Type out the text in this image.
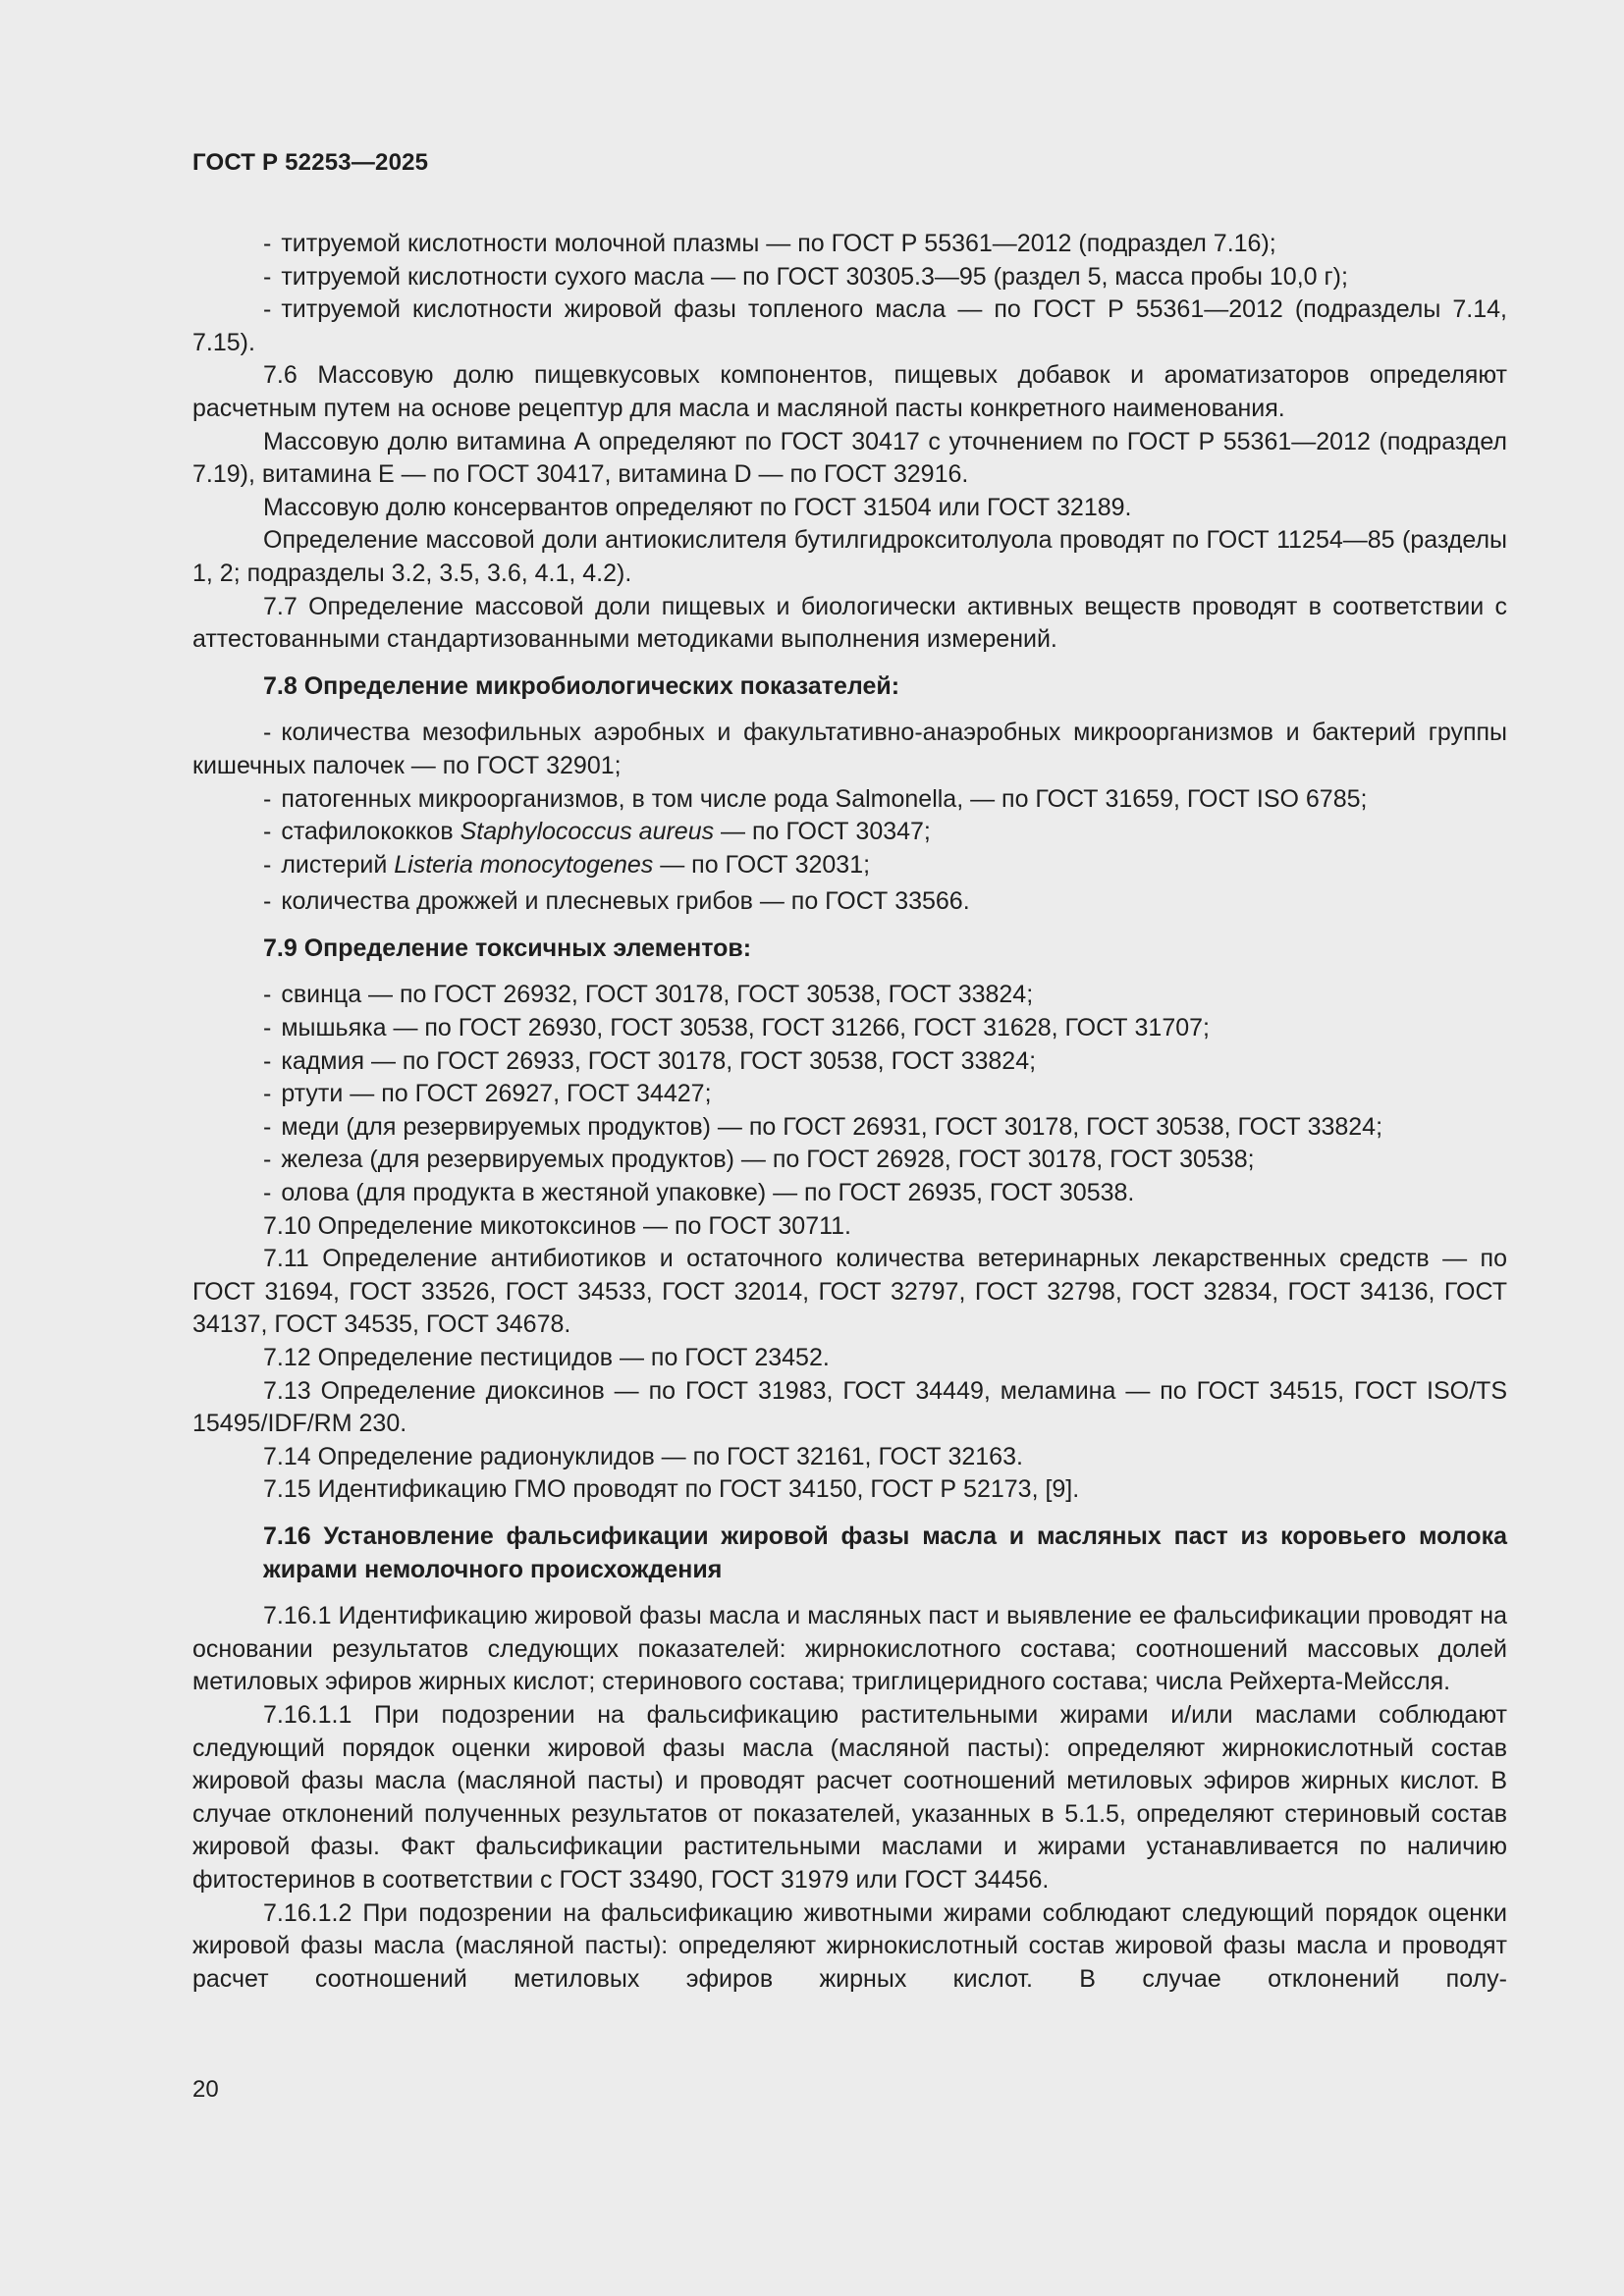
ГОСТ Р 52253—2025

- титруемой кислотности молочной плазмы — по ГОСТ Р 55361—2012 (подраздел 7.16);

- титруемой кислотности сухого масла — по ГОСТ 30305.3—95 (раздел 5, масса пробы 10,0 г);

- титруемой кислотности жировой фазы топленого масла — по ГОСТ Р 55361—2012 (подразделы 7.14, 7.15).

7.6 Массовую долю пищевкусовых компонентов, пищевых добавок и ароматизаторов определяют расчетным путем на основе рецептур для масла и масляной пасты конкретного наименования.

Массовую долю витамина А определяют по ГОСТ 30417 с уточнением по ГОСТ Р 55361—2012 (подраздел 7.19), витамина Е — по ГОСТ 30417, витамина D — по ГОСТ 32916.

Массовую долю консервантов определяют по ГОСТ 31504 или ГОСТ 32189.

Определение массовой доли антиокислителя бутилгидрокситолуола проводят по ГОСТ 11254—85 (разделы 1, 2; подразделы 3.2, 3.5, 3.6, 4.1, 4.2).

7.7 Определение массовой доли пищевых и биологически активных веществ проводят в соответствии с аттестованными стандартизованными методиками выполнения измерений.

7.8 Определение микробиологических показателей:

- количества мезофильных аэробных и факультативно-анаэробных микроорганизмов и бактерий группы кишечных палочек — по ГОСТ 32901;

- патогенных микроорганизмов, в том числе рода Salmonella, — по ГОСТ 31659, ГОСТ ISO 6785;

- стафилококков Staphylococcus aureus — по ГОСТ 30347;

- листерий Listeria monocytogenes — по ГОСТ 32031;

- количества дрожжей и плесневых грибов — по ГОСТ 33566.

7.9 Определение токсичных элементов:

- свинца — по ГОСТ 26932, ГОСТ 30178, ГОСТ 30538, ГОСТ 33824;

- мышьяка — по ГОСТ 26930, ГОСТ 30538, ГОСТ 31266, ГОСТ 31628, ГОСТ 31707;

- кадмия — по ГОСТ 26933, ГОСТ 30178, ГОСТ 30538, ГОСТ 33824;

- ртути — по ГОСТ 26927, ГОСТ 34427;

- меди (для резервируемых продуктов) — по ГОСТ 26931, ГОСТ 30178, ГОСТ 30538, ГОСТ 33824;

- железа (для резервируемых продуктов) — по ГОСТ 26928, ГОСТ 30178, ГОСТ 30538;

- олова (для продукта в жестяной упаковке) — по ГОСТ 26935, ГОСТ 30538.

7.10 Определение микотоксинов — по ГОСТ 30711.

7.11 Определение антибиотиков и остаточного количества ветеринарных лекарственных средств — по ГОСТ 31694, ГОСТ 33526, ГОСТ 34533, ГОСТ 32014, ГОСТ 32797, ГОСТ 32798, ГОСТ 32834, ГОСТ 34136, ГОСТ 34137, ГОСТ 34535, ГОСТ 34678.

7.12 Определение пестицидов — по ГОСТ 23452.

7.13 Определение диоксинов — по ГОСТ 31983, ГОСТ 34449, меламина — по ГОСТ 34515, ГОСТ ISO/TS 15495/IDF/RM 230.

7.14 Определение радионуклидов — по ГОСТ 32161, ГОСТ 32163.

7.15 Идентификацию ГМО проводят по ГОСТ 34150, ГОСТ Р 52173, [9].

7.16 Установление фальсификации жировой фазы масла и масляных паст из коровьего молока жирами немолочного происхождения

7.16.1 Идентификацию жировой фазы масла и масляных паст и выявление ее фальсификации проводят на основании результатов следующих показателей: жирнокислотного состава; соотношений массовых долей метиловых эфиров жирных кислот; стеринового состава; триглицеридного состава; числа Рейхерта-Мейссля.

7.16.1.1 При подозрении на фальсификацию растительными жирами и/или маслами соблюдают следующий порядок оценки жировой фазы масла (масляной пасты): определяют жирнокислотный состав жировой фазы масла (масляной пасты) и проводят расчет соотношений метиловых эфиров жирных кислот. В случае отклонений полученных результатов от показателей, указанных в 5.1.5, определяют стериновый состав жировой фазы. Факт фальсификации растительными маслами и жирами устанавливается по наличию фитостеринов в соответствии с ГОСТ 33490, ГОСТ 31979 или ГОСТ 34456.

7.16.1.2 При подозрении на фальсификацию животными жирами соблюдают следующий порядок оценки жировой фазы масла (масляной пасты): определяют жирнокислотный состав жировой фазы масла и проводят расчет соотношений метиловых эфиров жирных кислот. В случае отклонений полу-

20
